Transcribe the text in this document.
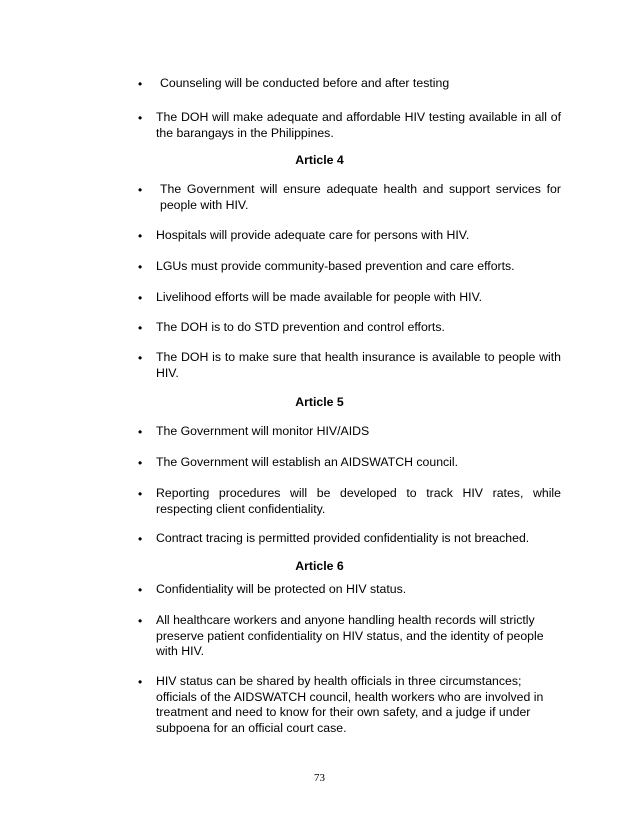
• Counseling will be conducted before and after testing
• The DOH will make adequate and affordable HIV testing available in all of the barangays in the Philippines.
Article 4
• The Government will ensure adequate health and support services for people with HIV.
• Hospitals will provide adequate care for persons with HIV.
• LGUs must provide community-based prevention and care efforts.
• Livelihood efforts will be made available for people with HIV.
• The DOH is to do STD prevention and control efforts.
• The DOH is to make sure that health insurance is available to people with HIV.
Article 5
• The Government will monitor HIV/AIDS
• The Government will establish an AIDSWATCH council.
• Reporting procedures will be developed to track HIV rates, while respecting client confidentiality.
• Contract tracing is permitted provided confidentiality is not breached.
Article 6
• Confidentiality will be protected on HIV status.
• All healthcare workers and anyone handling health records will strictly preserve patient confidentiality on HIV status, and the identity of people with HIV.
• HIV status can be shared by health officials in three circumstances; officials of the AIDSWATCH council, health workers who are involved in treatment and need to know for their own safety, and a judge if under subpoena for an official court case.
73
